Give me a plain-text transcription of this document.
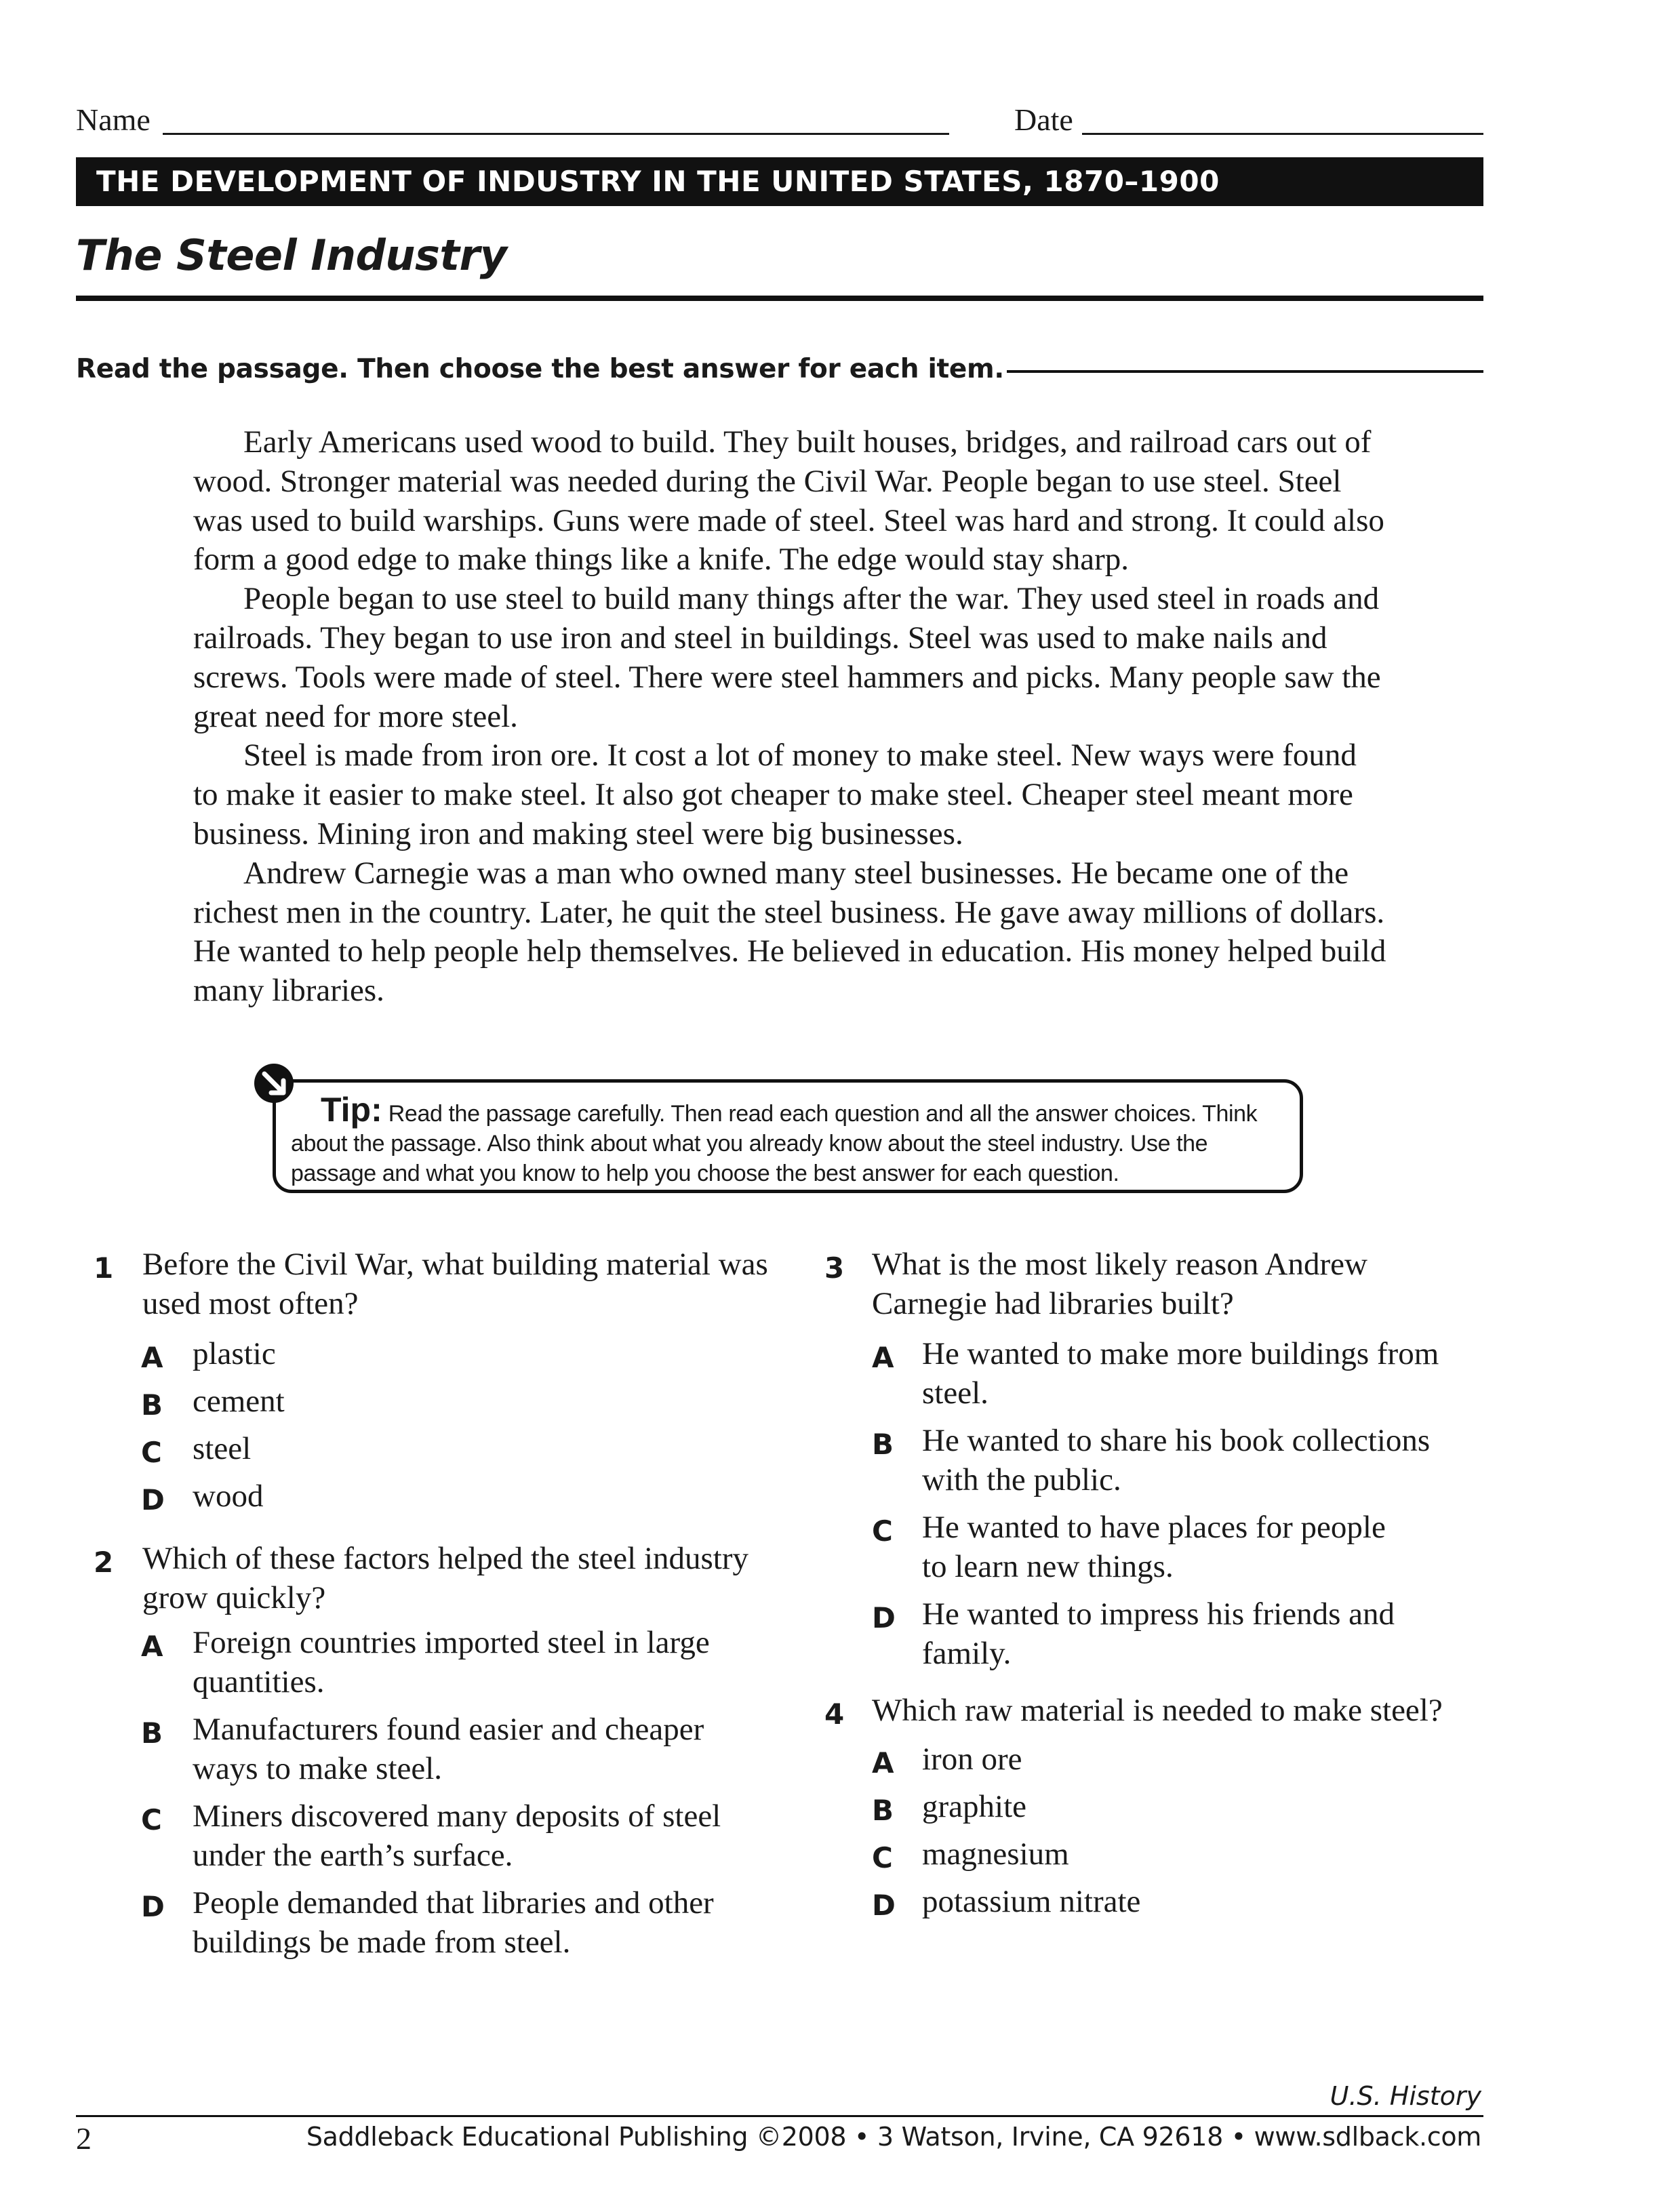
Name	Date
THE DEVELOPMENT OF INDUSTRY IN THE UNITED STATES, 1870–1900
The Steel Industry
Read the passage. Then choose the best answer for each item.

Early Americans used wood to build. They built houses, bridges, and railroad cars out of wood. Stronger material was needed during the Civil War. People began to use steel. Steel was used to build warships. Guns were made of steel. Steel was hard and strong. It could also form a good edge to make things like a knife. The edge would stay sharp.

People began to use steel to build many things after the war. They used steel in roads and railroads. They began to use iron and steel in buildings. Steel was used to make nails and screws. Tools were made of steel. There were steel hammers and picks. Many people saw the great need for more steel.

Steel is made from iron ore. It cost a lot of money to make steel. New ways were found to make it easier to make steel. It also got cheaper to make steel. Cheaper steel meant more business. Mining iron and making steel were big businesses.

Andrew Carnegie was a man who owned many steel businesses. He became one of the richest men in the country. Later, he quit the steel business. He gave away millions of dollars. He wanted to help people help themselves. He believed in education. His money helped build many libraries.

Tip: Read the passage carefully. Then read each question and all the answer choices. Think about the passage. Also think about what you already know about the steel industry. Use the passage and what you know to help you choose the best answer for each question.
1 Before the Civil War, what building material was used most often?
A plastic
B cement
C steel
D wood
2 Which of these factors helped the steel industry grow quickly?
A Foreign countries imported steel in large quantities.
B Manufacturers found easier and cheaper ways to make steel.
C Miners discovered many deposits of steel under the earth’s surface.
D People demanded that libraries and other buildings be made from steel.
3 What is the most likely reason Andrew Carnegie had libraries built?
A He wanted to make more buildings from steel.
B He wanted to share his book collections with the public.
C He wanted to have places for people to learn new things.
D He wanted to impress his friends and family.
4 Which raw material is needed to make steel?
A iron ore
B graphite
C magnesium
D potassium nitrate
U.S. History
2	Saddleback Educational Publishing ©2008 • 3 Watson, Irvine, CA 92618 • www.sdlback.com
